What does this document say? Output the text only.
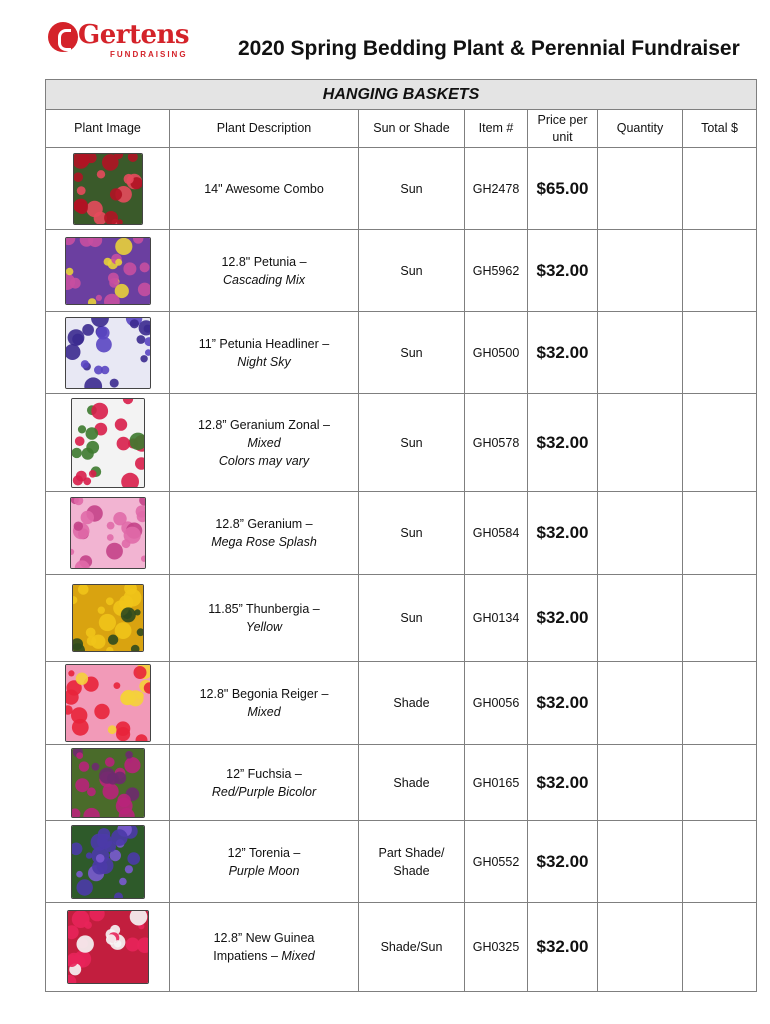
Gertens
FUNDRAISING 2020 Spring Bedding Plant & Perennial Fundraiser
HANGING BASKETS						
Plant Image	Plant Description	Sun or Shade	Item #	Price per
unit	Quantity	Total $

	14" Awesome Combo	Sun	GH2478	$65.00		

	12.8" Petunia –
Cascading Mix	Sun	GH5962	$32.00		

	11” Petunia Headliner –
Night Sky	Sun	GH0500	$32.00		

	12.8” Geranium Zonal –
Mixed
Colors may vary	Sun	GH0578	$32.00		

	12.8” Geranium –
Mega Rose Splash	Sun	GH0584	$32.00		

	11.85” Thunbergia –
Yellow	Sun	GH0134	$32.00		

	12.8" Begonia Reiger –
Mixed	Shade	GH0056	$32.00		

	12” Fuchsia –
Red/Purple Bicolor	Shade	GH0165	$32.00		

	12” Torenia –
Purple Moon	Part Shade/
Shade	GH0552	$32.00		

	12.8” New Guinea
Impatiens – Mixed	Shade/Sun	GH0325	$32.00		
